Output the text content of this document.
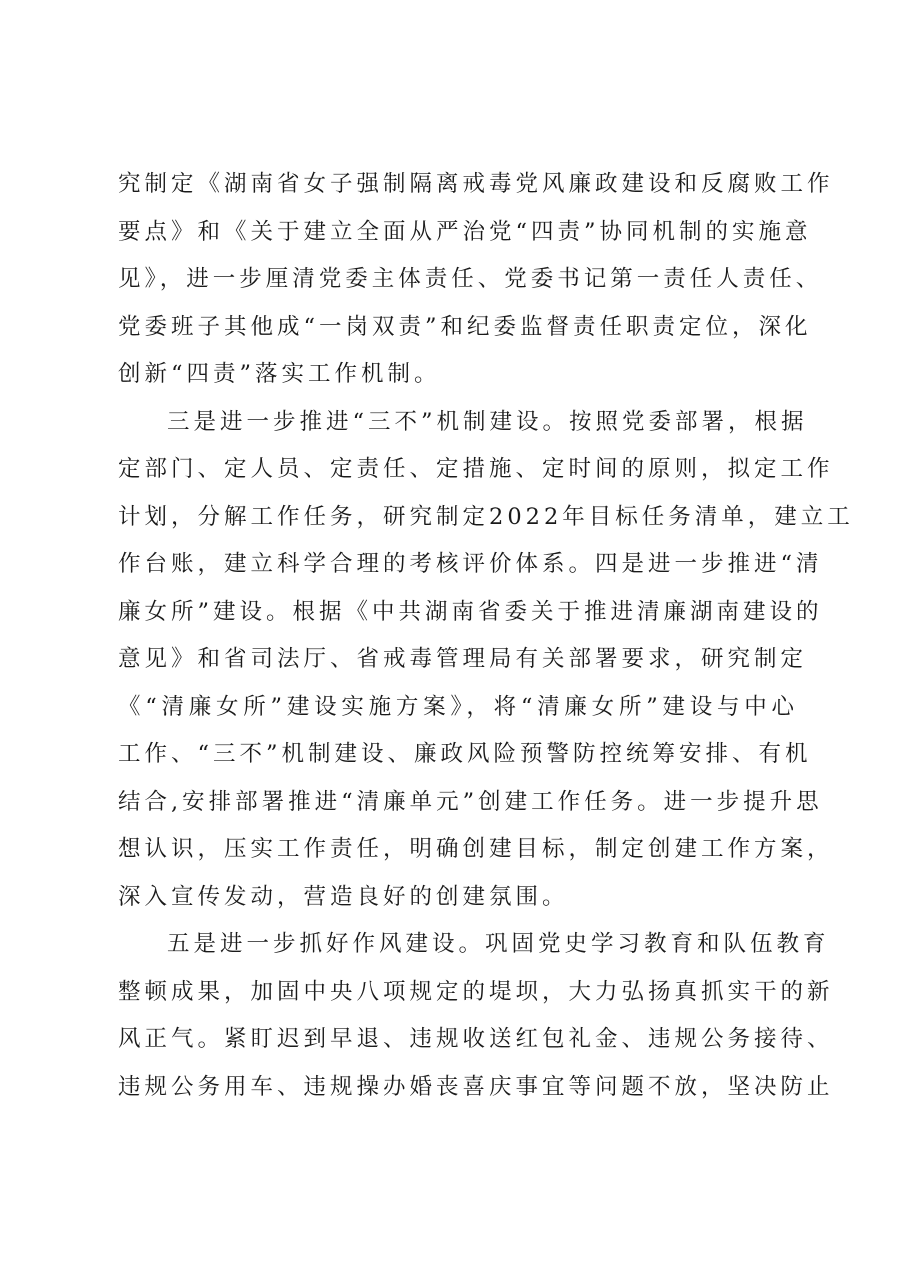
究制定《湖南省女子强制隔离戒毒党风廉政建设和反腐败工作
要点》和《关于建立全面从严治党“四责”协同机制的实施意
见》，进一步厘清党委主体责任、党委书记第一责任人责任、
党委班子其他成“一岗双责”和纪委监督责任职责定位，深化
创新“四责”落实工作机制。
三是进一步推进“三不”机制建设。按照党委部署，根据
定部门、定人员、定责任、定措施、定时间的原则，拟定工作
计划，分解工作任务，研究制定2022年目标任务清单，建立工
作台账，建立科学合理的考核评价体系。四是进一步推进“清
廉女所”建设。根据《中共湖南省委关于推进清廉湖南建设的
意见》和省司法厅、省戒毒管理局有关部署要求，研究制定
《“清廉女所”建设实施方案》，将“清廉女所”建设与中心
工作、“三不”机制建设、廉政风险预警防控统筹安排、有机
结合,安排部署推进“清廉单元”创建工作任务。进一步提升思
想认识，压实工作责任，明确创建目标，制定创建工作方案，
深入宣传发动，营造良好的创建氛围。
五是进一步抓好作风建设。巩固党史学习教育和队伍教育
整顿成果，加固中央八项规定的堤坝，大力弘扬真抓实干的新
风正气。紧盯迟到早退、违规收送红包礼金、违规公务接待、
违规公务用车、违规操办婚丧喜庆事宜等问题不放，坚决防止
